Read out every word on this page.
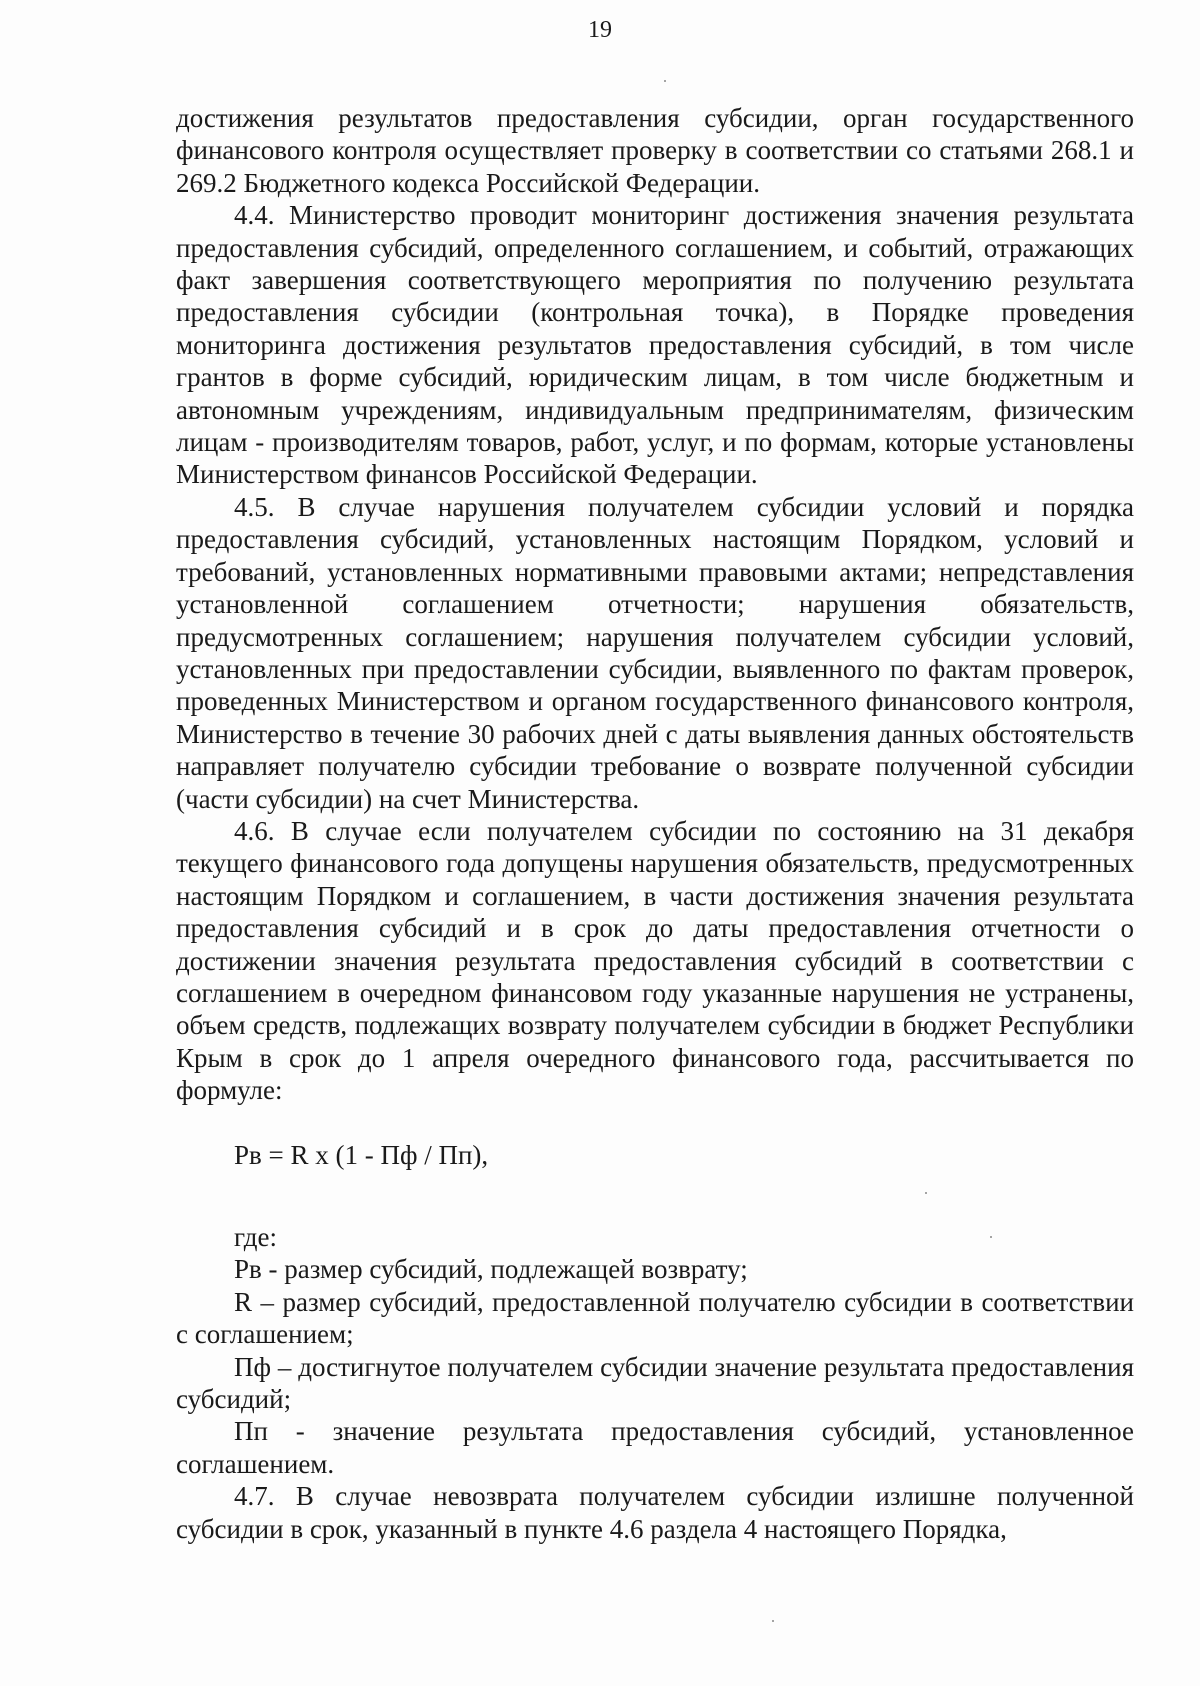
19

достижения результатов предоставления субсидии, орган государственного финансового контроля осуществляет проверку в соответствии со статьями 268.1 и 269.2 Бюджетного кодекса Российской Федерации.

4.4. Министерство проводит мониторинг достижения значения результата предоставления субсидий, определенного соглашением, и событий, отражающих факт завершения соответствующего мероприятия по получению результата предоставления субсидии (контрольная точка), в Порядке проведения мониторинга достижения результатов предоставления субсидий, в том числе грантов в форме субсидий, юридическим лицам, в том числе бюджетным и автономным учреждениям, индивидуальным предпринимателям, физическим лицам - производителям товаров, работ, услуг, и по формам, которые установлены Министерством финансов Российской Федерации.

4.5. В случае нарушения получателем субсидии условий и порядка предоставления субсидий, установленных настоящим Порядком, условий и требований, установленных нормативными правовыми актами; непредставления установленной соглашением отчетности; нарушения обязательств, предусмотренных соглашением; нарушения получателем субсидии условий, установленных при предоставлении субсидии, выявленного по фактам проверок, проведенных Министерством и органом государственного финансового контроля, Министерство в течение 30 рабочих дней с даты выявления данных обстоятельств направляет получателю субсидии требование о возврате полученной субсидии (части субсидии) на счет Министерства.

4.6. В случае если получателем субсидии по состоянию на 31 декабря текущего финансового года допущены нарушения обязательств, предусмотренных настоящим Порядком и соглашением, в части достижения значения результата предоставления субсидий и в срок до даты предоставления отчетности о достижении значения результата предоставления субсидий в соответствии с соглашением в очередном финансовом году указанные нарушения не устранены, объем средств, подлежащих возврату получателем субсидии в бюджет Республики Крым в срок до 1 апреля очередного финансового года, рассчитывается по формуле:

Рв = R x (1 - Пф / Пп),

где:

Рв - размер субсидий, подлежащей возврату;

R – размер субсидий, предоставленной получателю субсидии в соответствии с соглашением;

Пф – достигнутое получателем субсидии значение результата предоставления субсидий;

Пп - значение результата предоставления субсидий, установленное соглашением.

4.7. В случае невозврата получателем субсидии излишне полученной субсидии в срок, указанный в пункте 4.6 раздела 4 настоящего Порядка,
